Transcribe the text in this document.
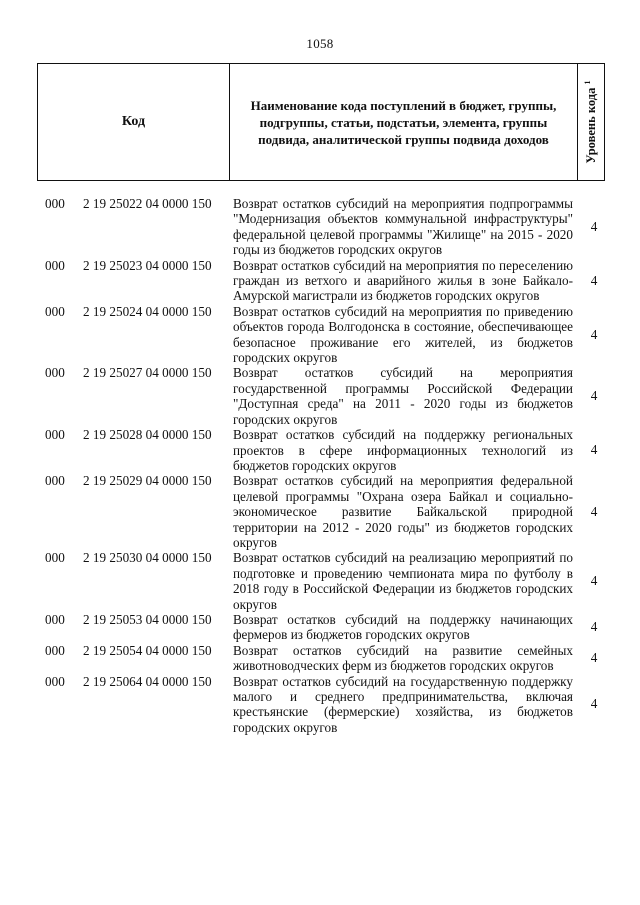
1058
Код
Наименование кода поступлений в бюджет, группы, подгруппы, статьи, подстатьи, элемента, группы подвида, аналитической группы подвида доходов	Уровень кода $^1$
000 2 19 25022 04 0000 150 Возврат остатков субсидий на мероприятия подпрограммы "Модернизация объектов коммунальной инфраструктуры" федеральной целевой программы "Жилище" на 2015 - 2020 годы из бюджетов городских округов
4
000 2 19 25023 04 0000 150 Возврат остатков субсидий на мероприятия по переселению граждан из ветхого и аварийного жилья в зоне Байкало-Амурской магистрали из бюджетов городских округов
4
000 2 19 25024 04 0000 150 Возврат остатков субсидий на мероприятия по приведению объектов города Волгодонска в состояние, обеспечивающее безопасное проживание его жителей, из бюджетов городских округов
4
000 2 19 25027 04 0000 150 Возврат остатков субсидий на мероприятия государственной программы Российской Федерации "Доступная среда" на 2011 - 2020 годы из бюджетов городских округов
4
000 2 19 25028 04 0000 150 Возврат остатков субсидий на поддержку региональных проектов в сфере информационных технологий из бюджетов городских округов
4
000 2 19 25029 04 0000 150 Возврат остатков субсидий на мероприятия федеральной целевой программы "Охрана озера Байкал и социально-экономическое развитие Байкальской природной территории на 2012 - 2020 годы" из бюджетов городских округов
4
000 2 19 25030 04 0000 150 Возврат остатков субсидий на реализацию мероприятий по подготовке и проведению чемпионата мира по футболу в 2018 году в Российской Федерации из бюджетов городских округов
4
000 2 19 25053 04 0000 150 Возврат остатков субсидий на поддержку начинающих фермеров из бюджетов городских округов
4
000 2 19 25054 04 0000 150 Возврат остатков субсидий на развитие семейных животноводческих ферм из бюджетов городских округов
4
000 2 19 25064 04 0000 150 Возврат остатков субсидий на государственную поддержку малого и среднего предпринимательства, включая крестьянские (фермерские) хозяйства, из бюджетов городских округов
4
